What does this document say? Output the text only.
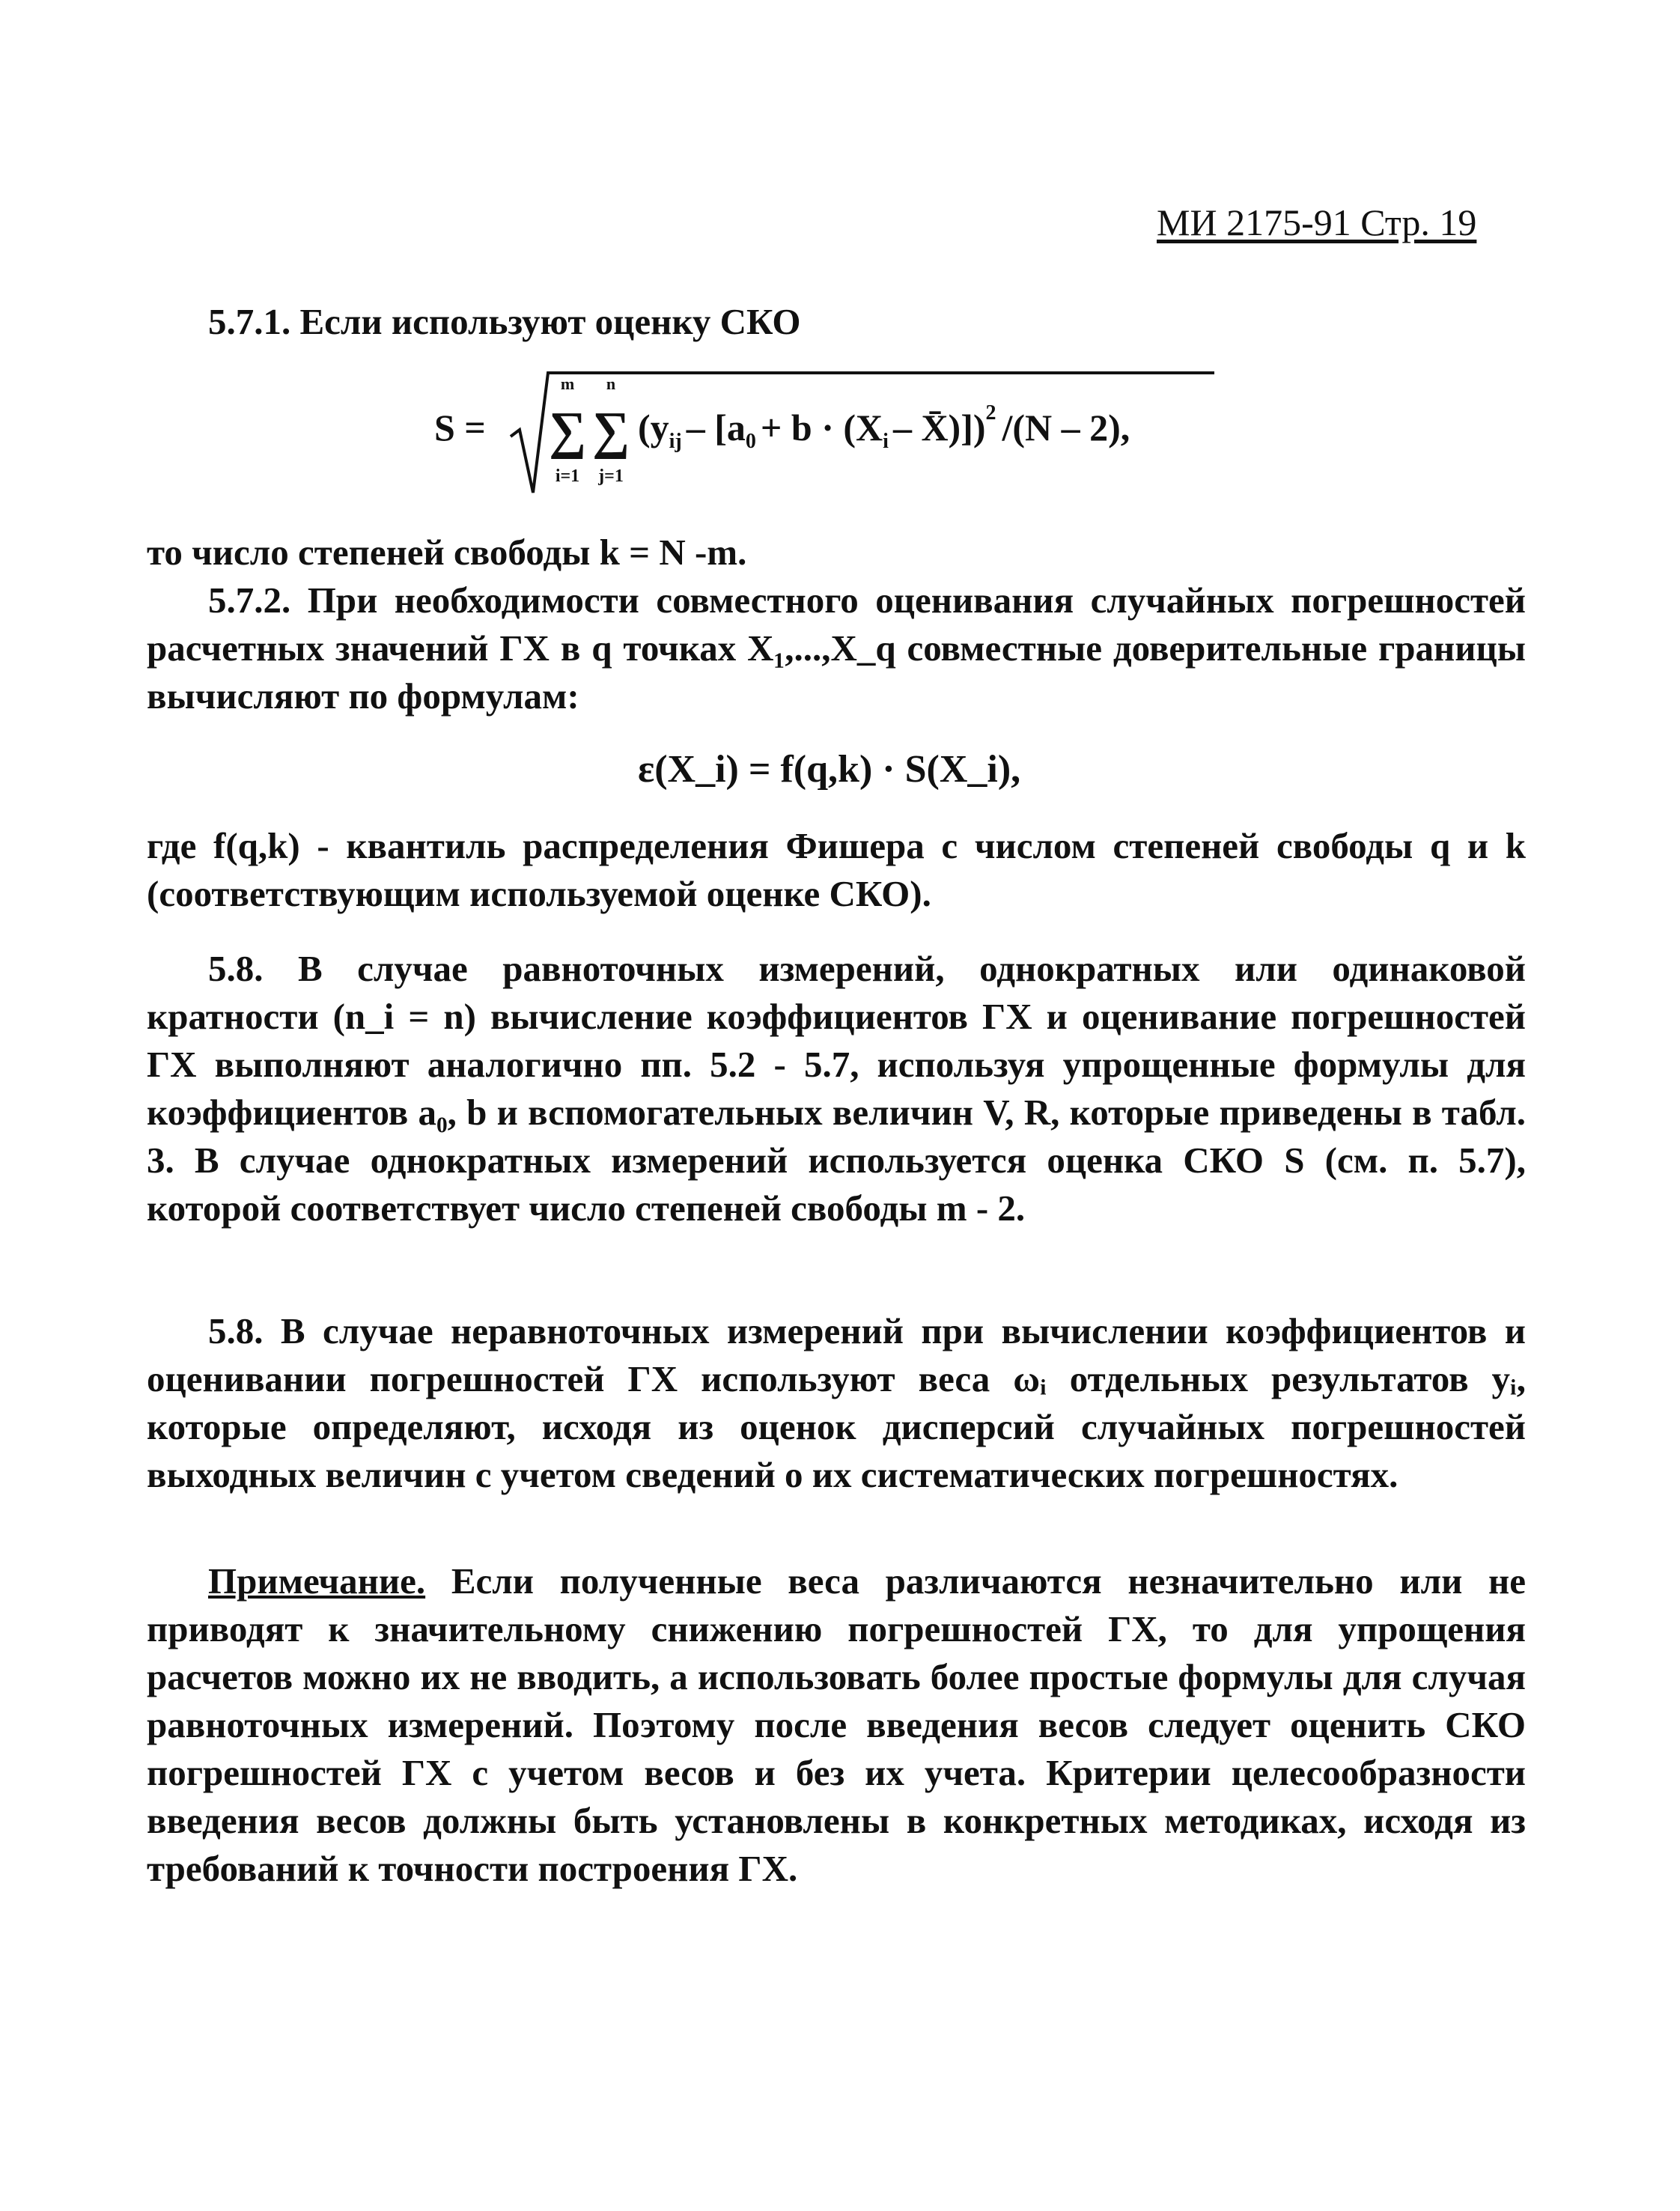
МИ 2175-91 Стр. 19

5.7.1. Если используют оценку СКО

S =
m
∑
i=1
n
∑
j=1
($y_{ij} - [a_0 + b \cdot (X_i$ – X̄)])$^2$ /(N – 2),

то число степеней свободы k = N -m.

5.7.2. При необходимости совместного оценивания случайных погрешностей расчетных значений ГХ в q точках X₁,...,X_q совместные доверительные границы вычисляют по формулам:

ε(X_i) = f(q,k) · S(X_i),

где f(q,k) - квантиль распределения Фишера с числом степеней свободы q и k (соответствующим используемой оценке СКО).

5.8. В случае равноточных измерений, однократных или одинаковой кратности (n_i = n) вычисление коэффициентов ГХ и оценивание погрешностей ГХ выполняют аналогично пп. 5.2 - 5.7, используя упрощенные формулы для коэффициентов a₀, b и вспомогательных величин V, R, которые приведены в табл. 3. В случае однократных измерений используется оценка СКО S (см. п. 5.7), которой соответствует число степеней свободы m - 2.

5.8. В случае неравноточных измерений при вычислении коэффициентов и оценивании погрешностей ГХ используют веса ωᵢ отдельных результатов yᵢ, которые определяют, исходя из оценок дисперсий случайных погрешностей выходных величин с учетом сведений о их систематических погрешностях.

Примечание. Если полученные веса различаются незначительно или не приводят к значительному снижению погрешностей ГХ, то для упрощения расчетов можно их не вводить, а использовать более простые формулы для случая равноточных измерений. Поэтому после введения весов следует оценить СКО погрешностей ГХ с учетом весов и без их учета. Критерии целесообразности введения весов должны быть установлены в конкретных методиках, исходя из требований к точности построения ГХ.
